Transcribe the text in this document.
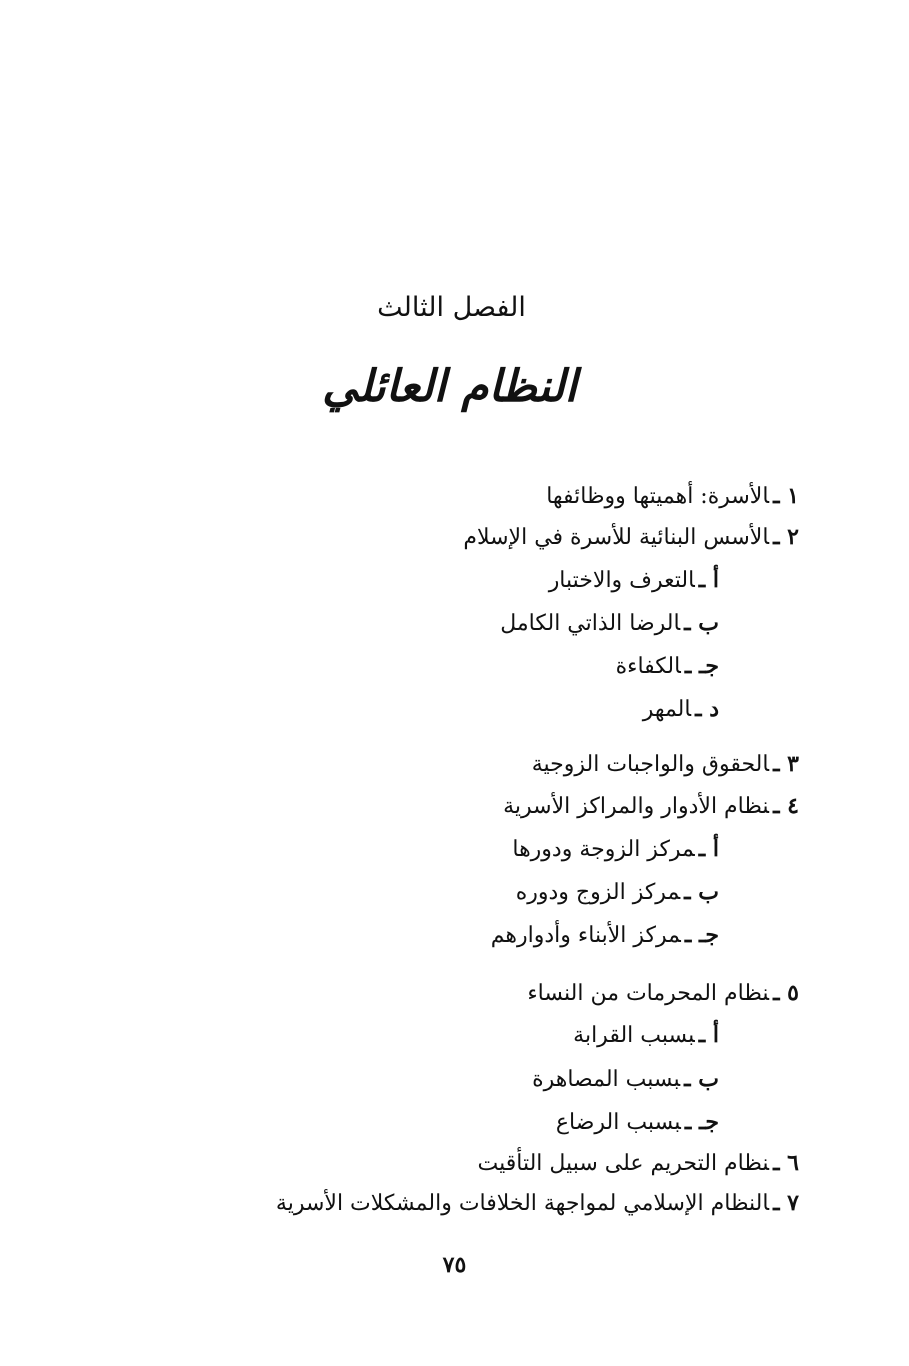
الفصل الثالث
النظام العائلي
١ ـالأسرة: أهميتها ووظائفها
٢ ـالأسس البنائية للأسرة في الإسلام
أ ـالتعرف والاختبار
ب ـالرضا الذاتي الكامل
جـ ـالكفاءة
د ـالمهر
٣ ـالحقوق والواجبات الزوجية
٤ ـنظام الأدوار والمراكز الأسرية
أ ـمركز الزوجة ودورها
ب ـمركز الزوج ودوره
جـ ـمركز الأبناء وأدوارهم
٥ ـنظام المحرمات من النساء
أ ـبسبب القرابة
ب ـبسبب المصاهرة
جـ ـبسبب الرضاع
٦ ـنظام التحريم على سبيل التأقيت
٧ ـالنظام الإسلامي لمواجهة الخلافات والمشكلات الأسرية
٧٥
